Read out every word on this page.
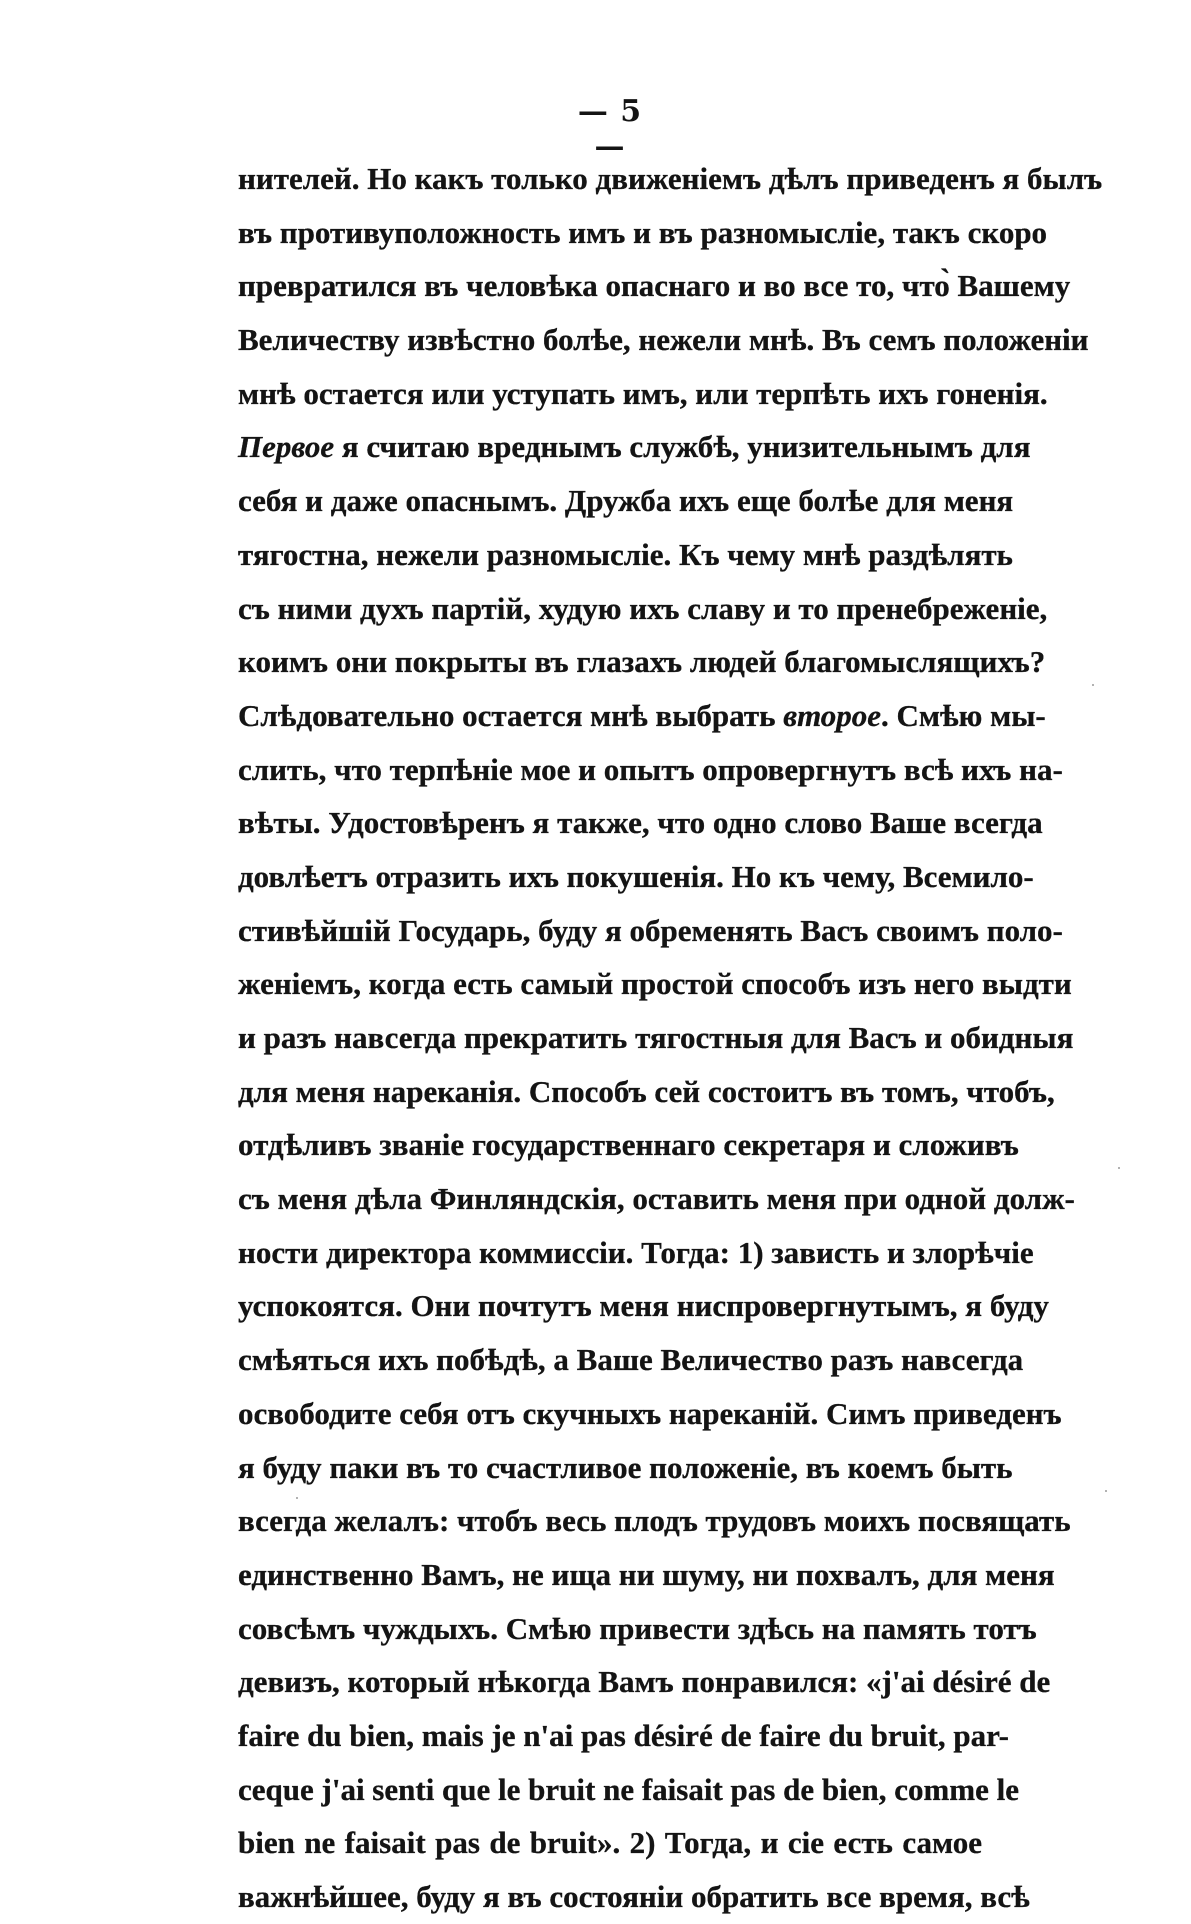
— 5 —
нителей. Но какъ только движеніемъ дѣлъ приведенъ я былъ
въ противуположность имъ и въ разномысліе, такъ скоро
превратился въ человѣка опаснаго и во все то, что̀ Вашему
Величеству извѣстно болѣе, нежели мнѣ. Въ семъ положеніи
мнѣ остается или уступать имъ, или терпѣть ихъ гоненія.
Первое я считаю вреднымъ службѣ, унизительнымъ для
себя и даже опаснымъ. Дружба ихъ еще болѣе для меня
тягостна, нежели разномысліе. Къ чему мнѣ раздѣлять
съ ними духъ партій, худую ихъ славу и то пренебреженіе,
коимъ они покрыты въ глазахъ людей благомыслящихъ?
Слѣдовательно остается мнѣ выбрать второе. Смѣю мы-
слить, что терпѣніе мое и опытъ опровергнутъ всѣ ихъ на-
вѣты. Удостовѣренъ я также, что одно слово Ваше всегда
довлѣетъ отразить ихъ покушенія. Но къ чему, Всемило-
стивѣйшій Государь, буду я обременять Васъ своимъ поло-
женіемъ, когда есть самый простой способъ изъ него выдти
и разъ навсегда прекратить тягостныя для Васъ и обидныя
для меня нареканія. Способъ сей состоитъ въ томъ, чтобъ,
отдѣливъ званіе государственнаго секретаря и сложивъ
съ меня дѣла Финляндскія, оставить меня при одной долж-
ности директора коммиссіи. Тогда: 1) зависть и злорѣчіе
успокоятся. Они почтутъ меня ниспровергнутымъ, я буду
смѣяться ихъ побѣдѣ, а Ваше Величество разъ навсегда
освободите себя отъ скучныхъ нареканій. Симъ приведенъ
я буду паки въ то счастливое положеніе, въ коемъ быть
всегда желалъ: чтобъ весь плодъ трудовъ моихъ посвящать
единственно Вамъ, не ища ни шуму, ни похвалъ, для меня
совсѣмъ чуждыхъ. Смѣю привести здѣсь на память тотъ
девизъ, который нѣкогда Вамъ понравился: «j'ai désiré de
faire du bien, mais je n'ai pas désiré de faire du bruit, par-
ceque j'ai senti que le bruit ne faisait pas de bien, comme le
bien ne faisait pas de bruit». 2) Тогда, и сіе есть самое
важнѣйшее, буду я въ состояніи обратить все время, всѣ
